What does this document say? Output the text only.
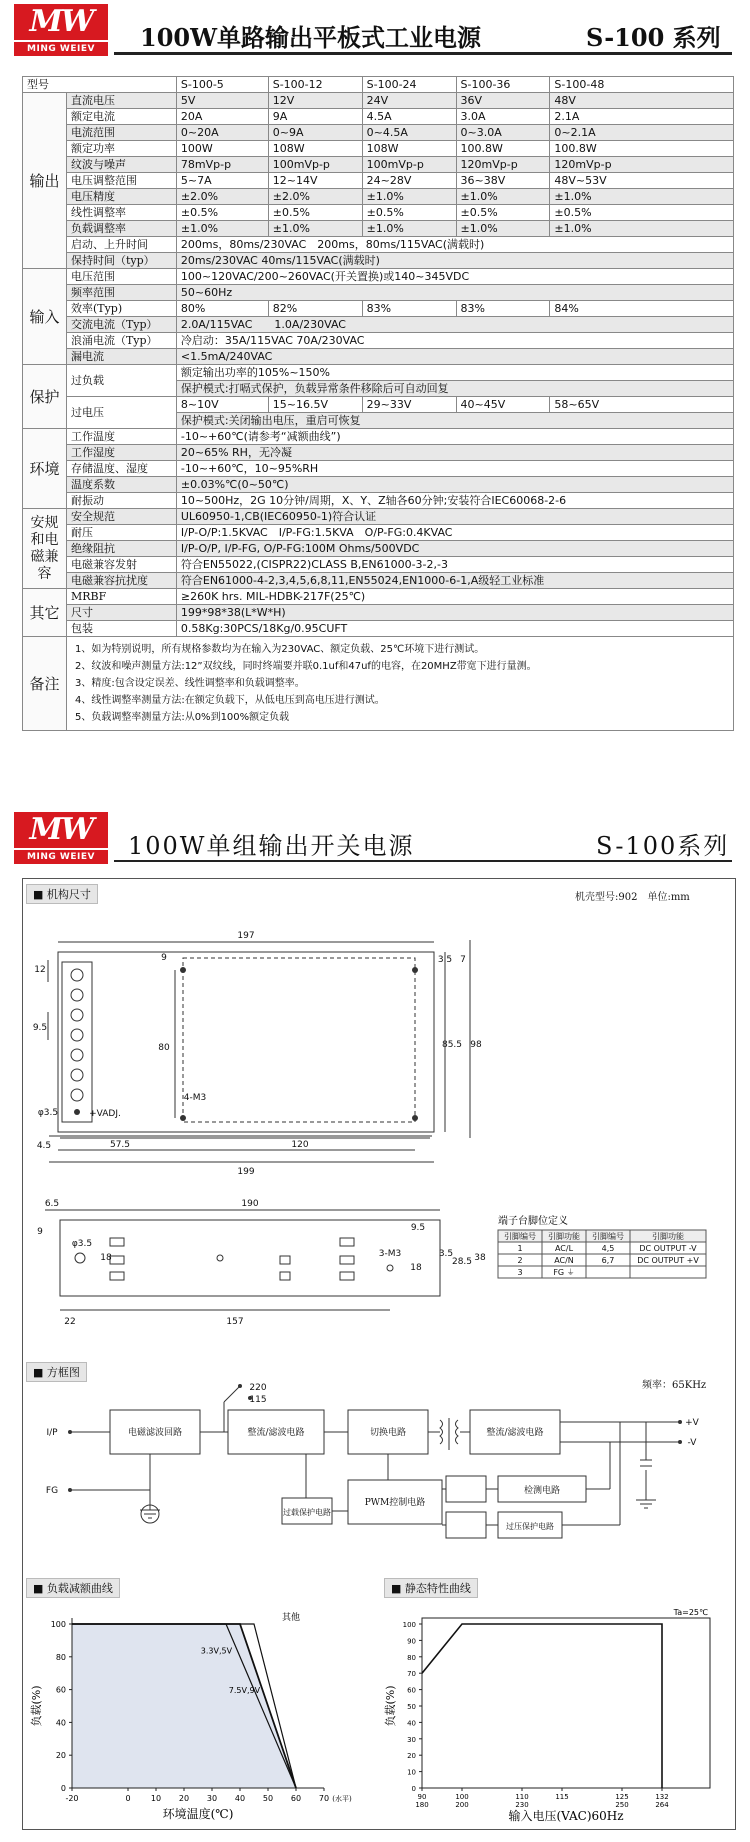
MW
MING WEIEV	100W单路输出平板式工业电源	S-100 系列
型号		S-100-5	S-100-12	S-100-24	S-100-36	S-100-48
输出	直流电压	5V	12V	24V	36V	48V
	额定电流	20A	9A	4.5A	3.0A	2.1A
	电流范围	0~20A	0~9A	0~4.5A	0~3.0A	0~2.1A
	额定功率	100W	108W	108W	100.8W	100.8W
	纹波与噪声	78mVp-p	100mVp-p	100mVp-p	120mVp-p	120mVp-p
	电压调整范围	5~7A	12~14V	24~28V	36~38V	48V~53V
	电压精度	±2.0%	±2.0%	±1.0%	±1.0%	±1.0%
	线性调整率	±0.5%	±0.5%	±0.5%	±0.5%	±0.5%
	负载调整率	±1.0%	±1.0%	±1.0%	±1.0%	±1.0%
	启动、上升时间	200ms，80ms/230VAC　200ms，80ms/115VAC(满载时)				
	保持时间（typ）	20ms/230VAC 40ms/115VAC(满载时)				
输入	电压范围	100~120VAC/200~260VAC(开关置换)或140~345VDC				
	频率范围	50~60Hz				
	效率(Typ)	80%	82%	83%	83%	84%
	交流电流（Typ）	2.0A/115VAC　　1.0A/230VAC				
	浪涌电流（Typ）	冷启动：35A/115VAC 70A/230VAC				
	漏电流	<1.5mA/240VAC				
保护	过负载	额定输出功率的105%~150%				
		保护模式:打嗝式保护，负载异常条件移除后可自动回复				
	过电压	8~10V	15~16.5V	29~33V	40~45V	58~65V
		保护模式:关闭输出电压，重启可恢复				
环境	工作温度	-10~+60℃(请参考“减额曲线”)				
	工作湿度	20~65% RH，无冷凝				
	存储温度、湿度	-10~+60℃，10~95%RH				
	温度系数	±0.03%℃(0~50℃)				
	耐振动	10~500Hz，2G 10分钟/周期，X、Y、Z轴各60分钟;安装符合IEC60068-2-6				
安规和电磁兼容	安全规范	UL60950-1,CB(IEC60950-1)符合认证				
	耐压	I/P-O/P:1.5KVAC　I/P-FG:1.5KVA　O/P-FG:0.4KVAC				
	绝缘阻抗	I/P-O/P, I/P-FG, O/P-FG:100M Ohms/500VDC				
	电磁兼容发射	符合EN55022,(CISPR22)CLASS B,EN61000-3-2,-3				
	电磁兼容抗扰度	符合EN61000-4-2,3,4,5,6,8,11,EN55024,EN1000-6-1,A级轻工业标准				
其它	MRBF	≥260K hrs. MIL-HDBK-217F(25℃)				
	尺寸	199*98*38(L*W*H)				
	包装	0.58Kg:30PCS/18Kg/0.95CUFT				
备注	1、如为特别说明，所有规格参数均为在输入为230VAC、额定负载、25℃环境下进行测试。
2、纹波和噪声测量方法:12”双纹线，同时终端要并联0.1uf和47uf的电容，在20MHZ带宽下进行量测。
3、精度:包含设定误差、线性调整率和负载调整率。
4、线性调整率测量方法:在额定负载下，从低电压到高电压进行测试。
5、负载调整率测量方法:从0%到100%额定负载					
MW
MING WEIEV	100W单组输出开关电源	S-100系列
■ 机构尺寸	机壳型号:902　单位:mm
197
57.5	120
199
4.5
12
9.5
80	85.5 98
9	3.5 7
φ3.5
4-M3
+VADJ.
190
6.5
22	157
9
18
18
9.5
3.5
28.5 38
φ3.5
3-M3
端子台脚位定义
引脚编号 引脚功能 引脚编号	引脚功能
1	AC/L	4,5	DC OUTPUT -V
2	AC/N	6,7	DC OUTPUT +V
3	FG ⏚
■ 方框图
频率：65KHz
电磁滤波回路	整流/滤波电路	切换电路	整流/滤波电路
PWM控制电路
过载保护电路
检测电路
过压保护电路
I/P
FG
220
115
+V
-V
■ 负载减额曲线	■ 静态特性曲线
-20	0	10 20 30 40 50 60 70
0
20
40
60
80
100
其他
3.3V,5V
7.5V,9V
环境温度(℃)
(水平)
负载(%)
0
10
20
30
40
50
60
70
80
90
100
90	100	110	115	125	132
180	200	230	250	264
Ta=25℃
输入电压(VAC)60Hz
负载(%)
